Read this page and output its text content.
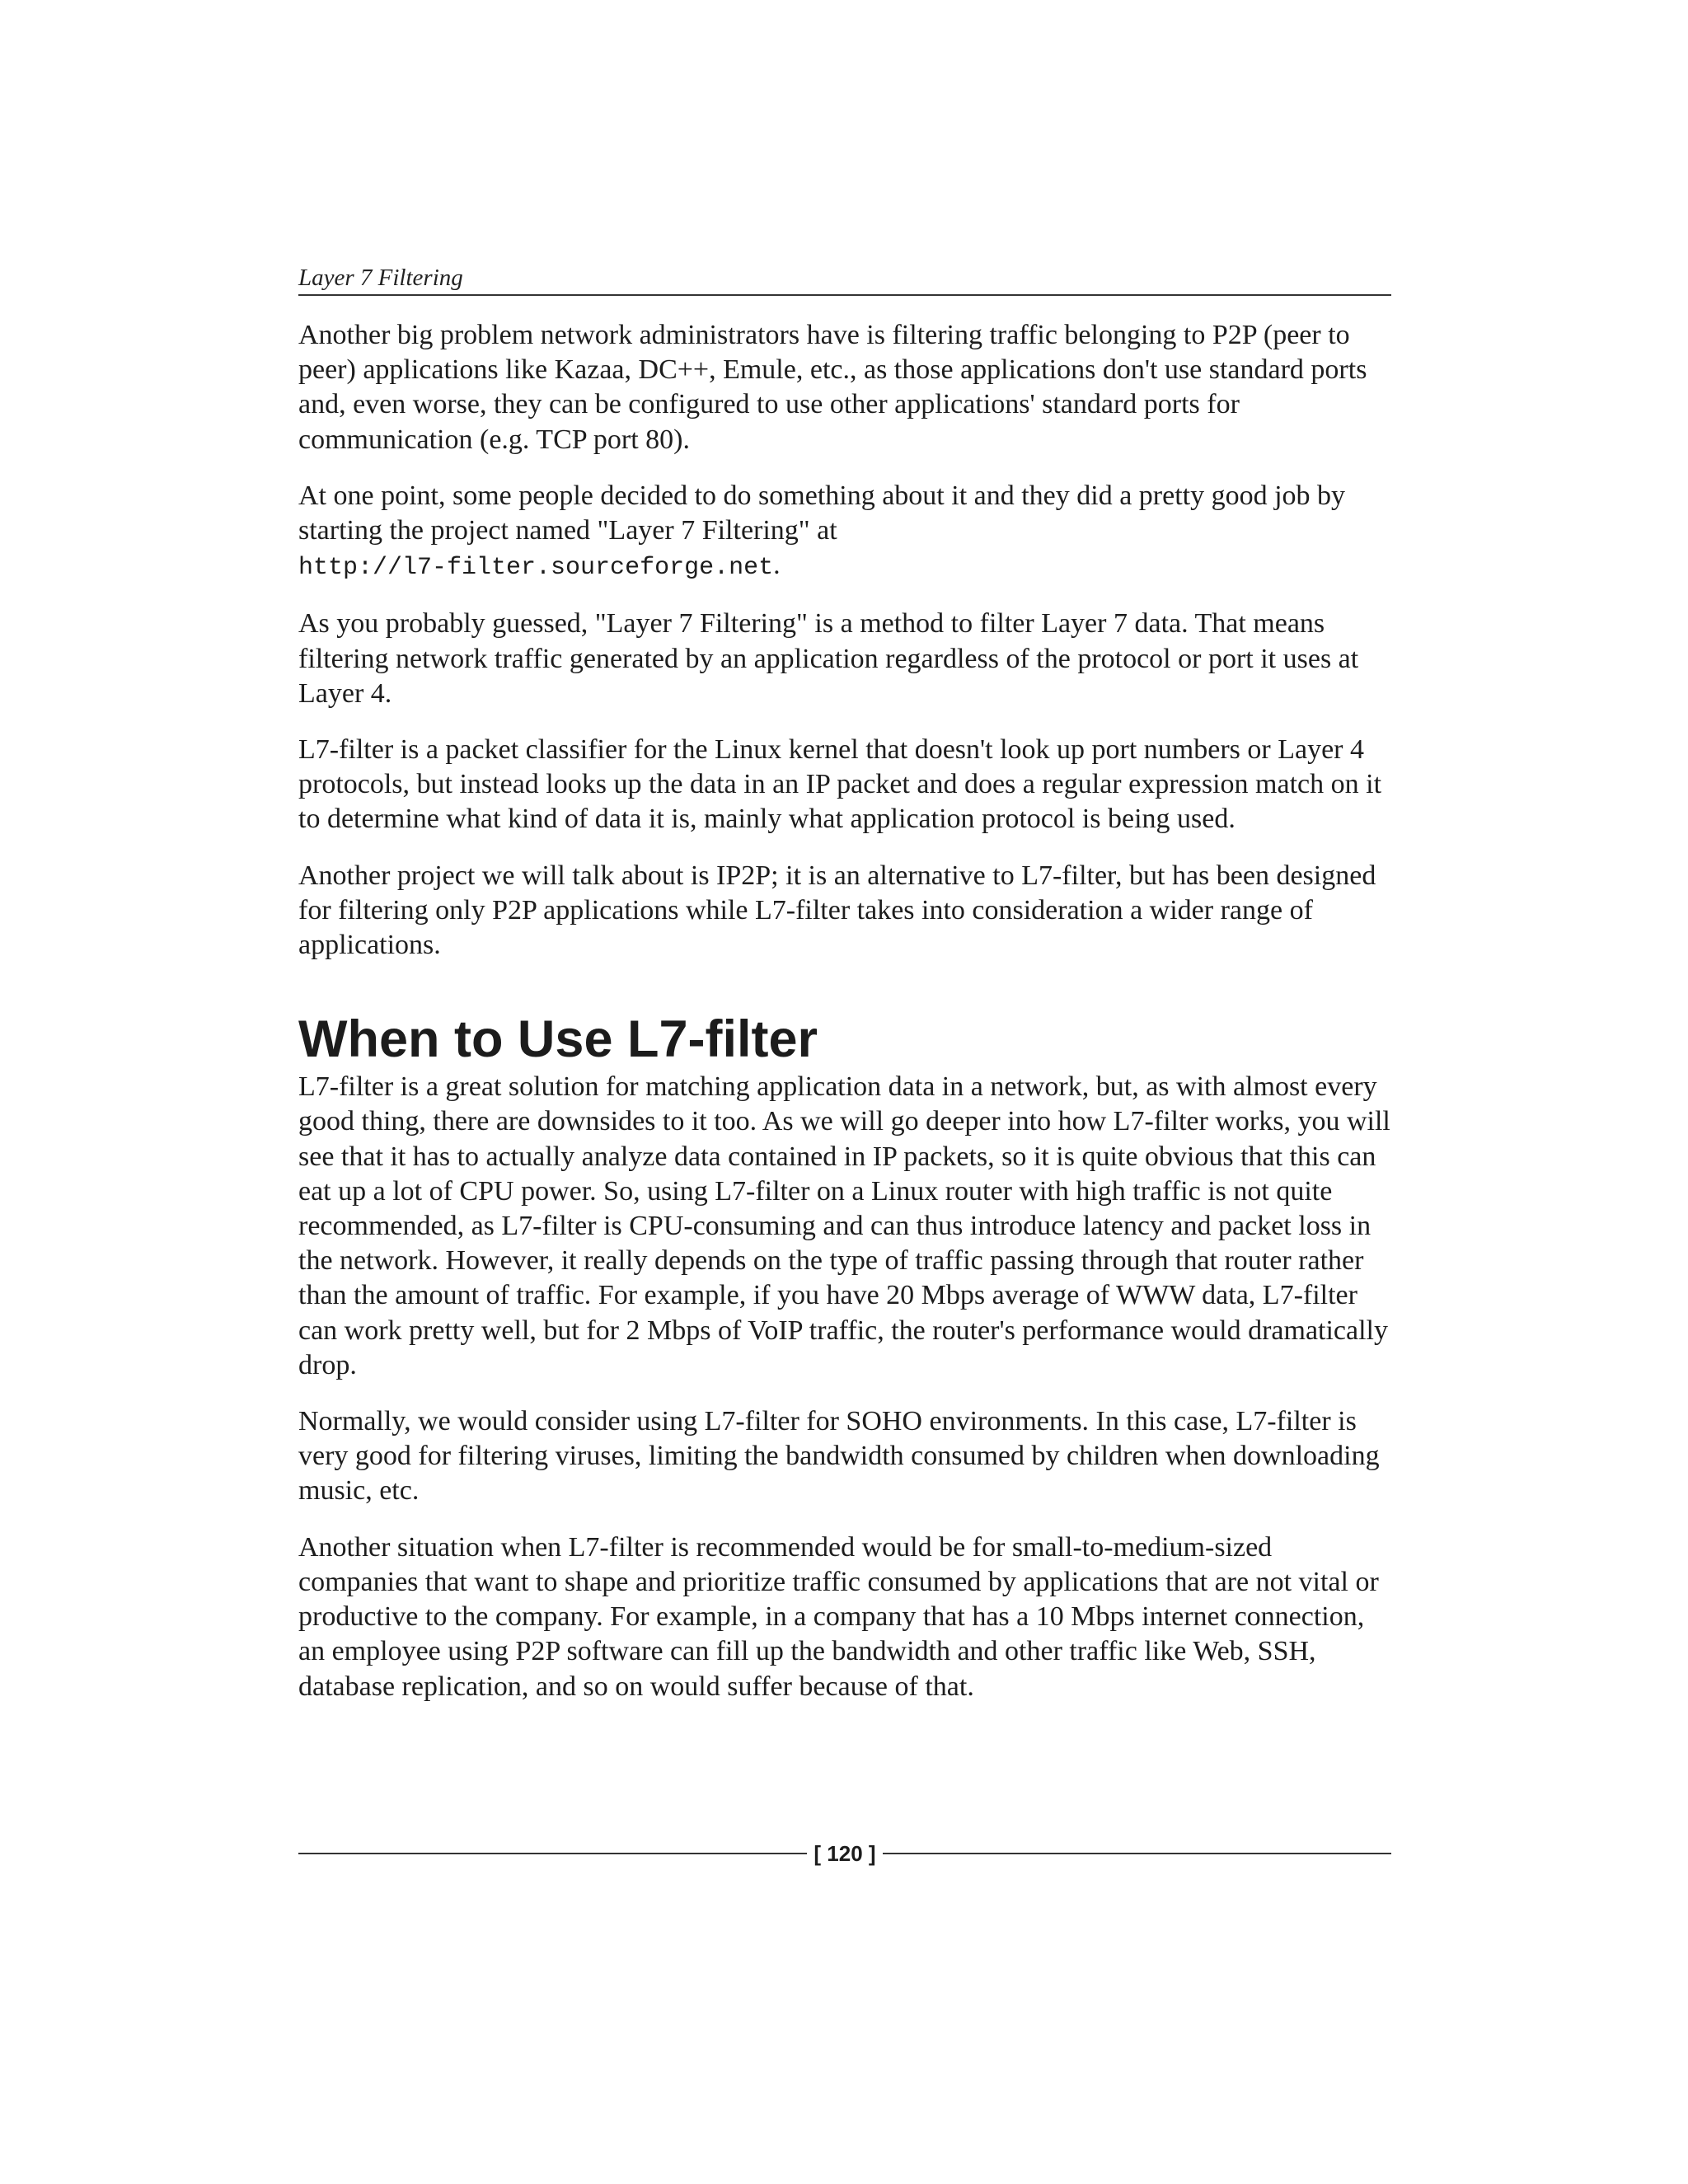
Layer 7 Filtering

Another big problem network administrators have is filtering traffic belonging to P2P (peer to peer) applications like Kazaa, DC++, Emule, etc., as those applications don't use standard ports and, even worse, they can be configured to use other applications' standard ports for communication (e.g. TCP port 80).

At one point, some people decided to do something about it and they did a pretty good job by starting the project named "Layer 7 Filtering" at
http://l7-filter.sourceforge.net.

As you probably guessed, "Layer 7 Filtering" is a method to filter Layer 7 data. That means filtering network traffic generated by an application regardless of the protocol or port it uses at Layer 4.

L7-filter is a packet classifier for the Linux kernel that doesn't look up port numbers or Layer 4 protocols, but instead looks up the data in an IP packet and does a regular expression match on it to determine what kind of data it is, mainly what application protocol is being used.

Another project we will talk about is IP2P; it is an alternative to L7-filter, but has been designed for filtering only P2P applications while L7-filter takes into consideration a wider range of applications.

When to Use L7-filter

L7-filter is a great solution for matching application data in a network, but, as with almost every good thing, there are downsides to it too. As we will go deeper into how L7-filter works, you will see that it has to actually analyze data contained in IP packets, so it is quite obvious that this can eat up a lot of CPU power. So, using L7-filter on a Linux router with high traffic is not quite recommended, as L7-filter is CPU-consuming and can thus introduce latency and packet loss in the network. However, it really depends on the type of traffic passing through that router rather than the amount of traffic. For example, if you have 20 Mbps average of WWW data, L7-filter can work pretty well, but for 2 Mbps of VoIP traffic, the router's performance would dramatically drop.

Normally, we would consider using L7-filter for SOHO environments. In this case, L7-filter is very good for filtering viruses, limiting the bandwidth consumed by children when downloading music, etc.

Another situation when L7-filter is recommended would be for small-to-medium-sized companies that want to shape and prioritize traffic consumed by applications that are not vital or productive to the company. For example, in a company that has a 10 Mbps internet connection, an employee using P2P software can fill up the bandwidth and other traffic like Web, SSH, database replication, and so on would suffer because of that.

[ 120 ]
